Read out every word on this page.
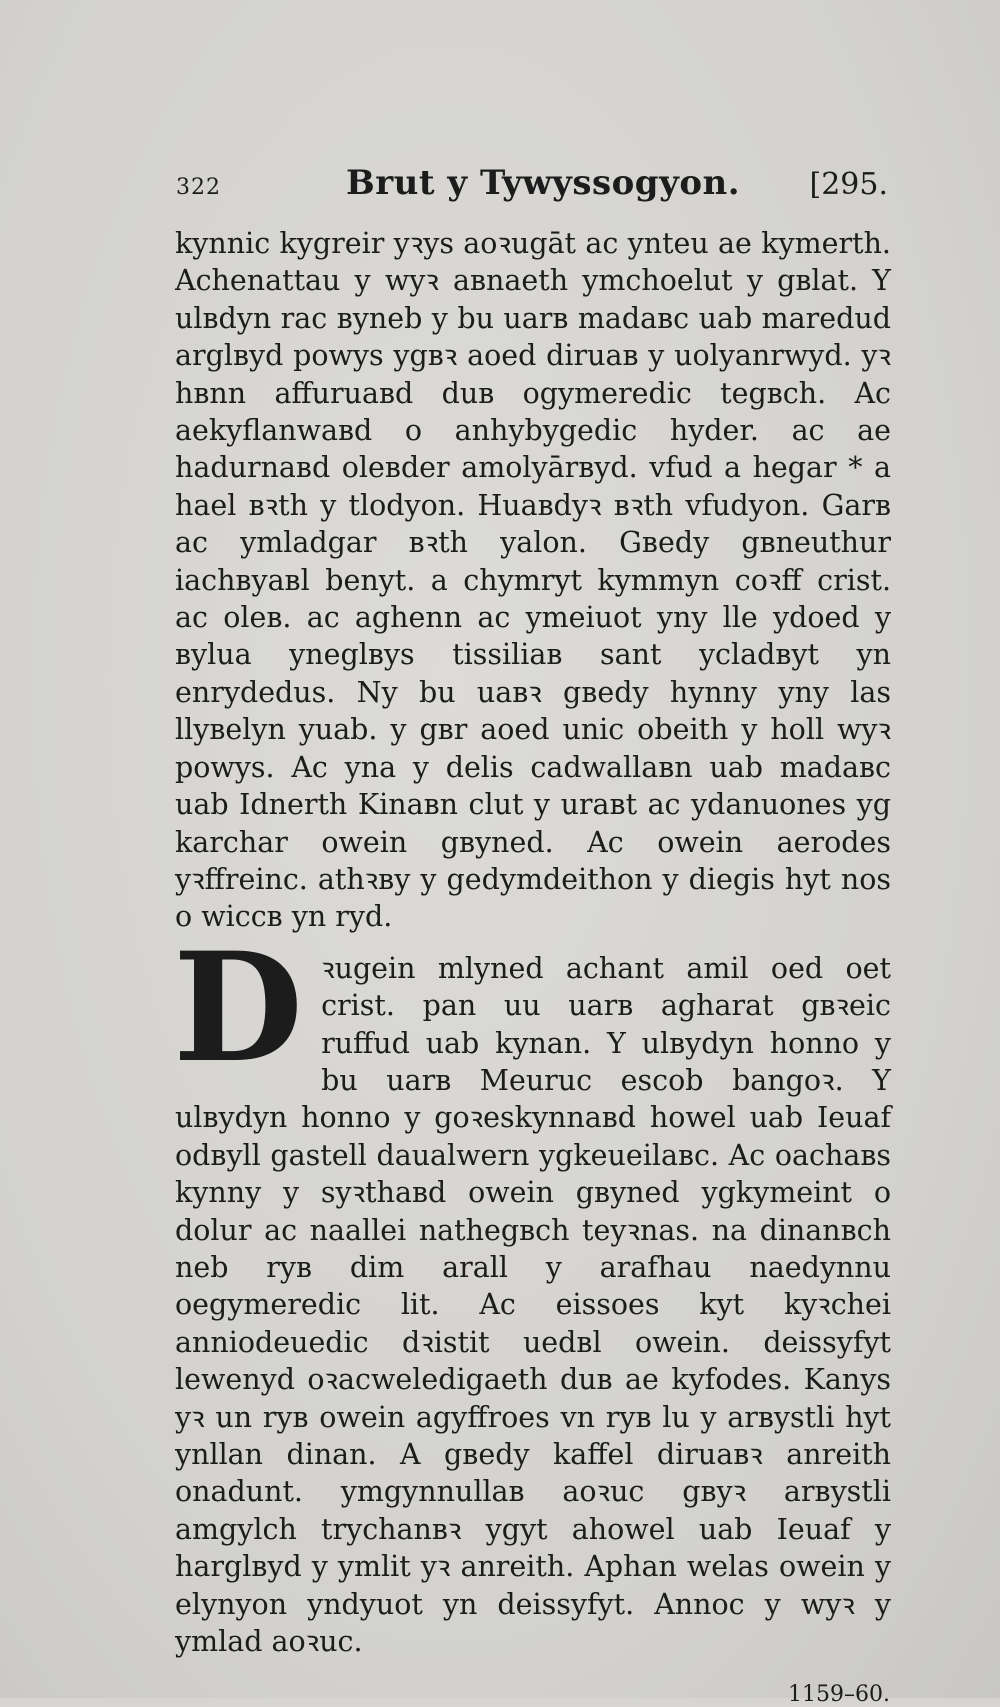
322	Brut y Tywyssogyon. [295.

kynnic kygreir yꝛys aoꝛugāt ac ynteu ae kymerth. Achenattau y wyꝛ aʙnaeth ymchoelut y gʙlat. Y ulʙdyn rac ʙyneb y bu uarʙ madaʙc uab maredud arglʙyd powys ygʙꝛ aoed diruaʙ y uolyanrwyd. yꝛ hʙnn affuruaʙd duʙ ogymeredic tegʙch. Ac aekyflanwaʙd o anhybygedic hyder. ac ae hadurnaʙd oleʙder amolyārʙyd. vfud a hegar * a hael ʙꝛth y tlodyon. Huaʙdyꝛ ʙꝛth vfudyon. Garʙ ac ymladgar ʙꝛth yalon. Gʙedy gʙneuthur iachʙyaʙl benyt. a chymryt kymmyn coꝛff crist. ac oleʙ. ac aghenn ac ymeiuot yny lle ydoed y ʙylua yneglʙys tissiliaʙ sant ycladʙyt yn enrydedus. Ny bu uaʙꝛ gʙedy hynny yny las llyʙelyn yuab. y gʙr aoed unic obeith y holl wyꝛ powys. Ac yna y delis cadwallaʙn uab madaʙc uab Idnerth Kinaʙn clut y uraʙt ac ydanuones yg karchar owein gʙyned. Ac owein aerodes yꝛffreinc. athꝛʙy y gedymdeithon y diegis hyt nos o wiccʙ yn ryd.

D ꝛugein mlyned achant amil oed oet crist. pan uu uarʙ agharat gʙꝛeic ruffud uab kynan. Y ulʙydyn honno y bu uarʙ Meuruc escob bangoꝛ. Y ulʙydyn honno y goꝛeskynnaʙd howel uab Ieuaf odʙyll gastell daualwern ygkeueilaʙc. Ac oachaʙs kynny y syꝛthaʙd owein gʙyned ygkymeint o dolur ac naallei nathegʙch teyꝛnas. na dinanʙch neb ryʙ dim arall y arafhau naedynnu oegymeredic lit. Ac eissoes kyt kyꝛchei anniodeuedic dꝛistit uedʙl owein. deissyfyt lewenyd oꝛacweledigaeth duʙ ae kyfodes. Kanys yꝛ un ryʙ owein agyffroes vn ryʙ lu y arʙystli hyt ynllan dinan. A gʙedy kaffel diruaʙꝛ anreith onadunt. ymgynnullaʙ aoꝛuc gʙyꝛ arʙystli amgylch trychanʙꝛ ygyt ahowel uab Ieuaf y harglʙyd y ymlit yꝛ anreith. Aphan welas owein y elynyon yndyuot yn deissyfyt. Annoc y wyꝛ y ymlad aoꝛuc.

1159–60.
